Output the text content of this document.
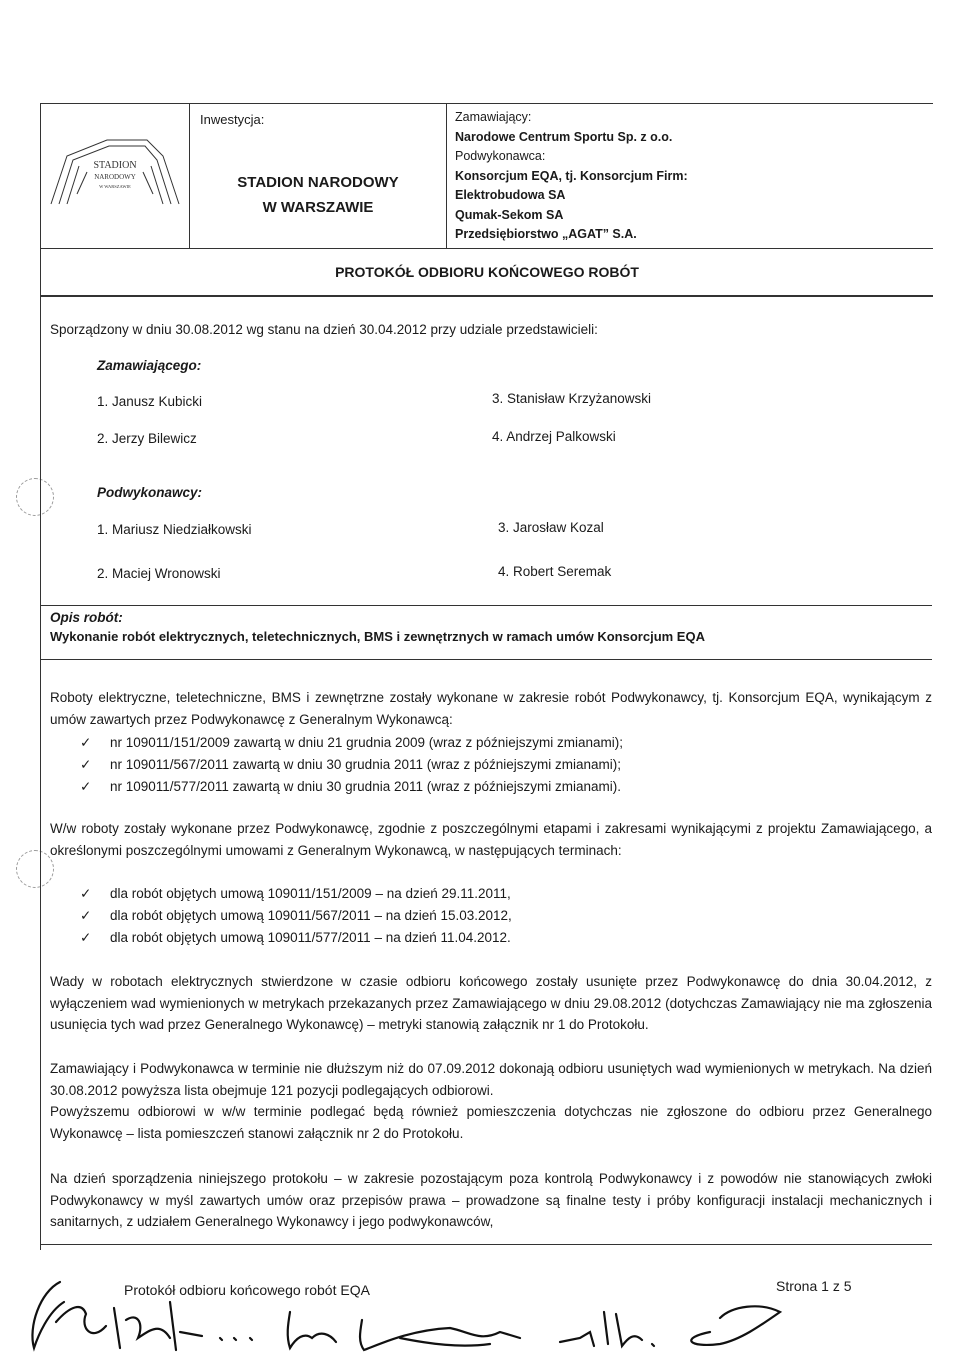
STADION
NARODOWY
W WARSZAWIE
Inwestycja:
STADION NARODOWY
W WARSZAWIE
Zamawiający:
Narodowe Centrum Sportu Sp. z o.o.
Podwykonawca:
Konsorcjum EQA, tj. Konsorcjum Firm:
Elektrobudowa SA
Qumak-Sekom SA
Przedsiębiorstwo „AGAT” S.A.
PROTOKÓŁ ODBIORU KOŃCOWEGO ROBÓT
Sporządzony w dniu 30.08.2012 wg stanu na dzień 30.04.2012 przy udziale przedstawicieli:
Zamawiającego:
1. Janusz Kubicki
2. Jerzy Bilewicz
3. Stanisław Krzyżanowski
4. Andrzej Palkowski
Podwykonawcy:
1. Mariusz Niedziałkowski
2. Maciej Wronowski
3. Jarosław Kozal
4. Robert Seremak
Opis robót:
Wykonanie robót elektrycznych, teletechnicznych, BMS i zewnętrznych w ramach umów Konsorcjum EQA
Roboty elektryczne, teletechniczne, BMS i zewnętrzne zostały wykonane w zakresie robót Podwykonawcy, tj. Konsorcjum EQA, wynikającym z umów zawartych przez Podwykonawcę z Generalnym Wykonawcą:
✓ nr 109011/151/2009 zawartą w dniu 21 grudnia 2009 (wraz z późniejszymi zmianami);
✓ nr 109011/567/2011 zawartą w dniu 30 grudnia 2011 (wraz z późniejszymi zmianami);
✓ nr 109011/577/2011 zawartą w dniu 30 grudnia 2011 (wraz z późniejszymi zmianami).
W/w roboty zostały wykonane przez Podwykonawcę, zgodnie z poszczególnymi etapami i zakresami wynikającymi z projektu Zamawiającego, a określonymi poszczególnymi umowami z Generalnym Wykonawcą, w następujących terminach:
✓ dla robót objętych umową 109011/151/2009 – na dzień 29.11.2011,
✓ dla robót objętych umową 109011/567/2011 – na dzień 15.03.2012,
✓ dla robót objętych umową 109011/577/2011 – na dzień 11.04.2012.
Wady w robotach elektrycznych stwierdzone w czasie odbioru końcowego zostały usunięte przez Podwykonawcę do dnia 30.04.2012, z wyłączeniem wad wymienionych w metrykach przekazanych przez Zamawiającego w dniu 29.08.2012 (dotychczas Zamawiający nie ma zgłoszenia usunięcia tych wad przez Generalnego Wykonawcę) – metryki stanowią załącznik nr 1 do Protokołu.
Zamawiający i Podwykonawca w terminie nie dłuższym niż do 07.09.2012 dokonają odbioru usuniętych wad wymienionych w metrykach. Na dzień 30.08.2012 powyższa lista obejmuje 121 pozycji podlegających odbiorowi.
Powyższemu odbiorowi w w/w terminie podlegać będą również pomieszczenia dotychczas nie zgłoszone do odbioru przez Generalnego Wykonawcę – lista pomieszczeń stanowi załącznik nr 2 do Protokołu.
Na dzień sporządzenia niniejszego protokołu – w zakresie pozostającym poza kontrolą Podwykonawcy i z powodów nie stanowiących zwłoki Podwykonawcy w myśl zawartych umów oraz przepisów prawa – prowadzone są finalne testy i próby konfiguracji instalacji mechanicznych i sanitarnych, z udziałem Generalnego Wykonawcy i jego podwykonawców,
Protokół odbioru końcowego robót EQA	Strona 1 z 5
